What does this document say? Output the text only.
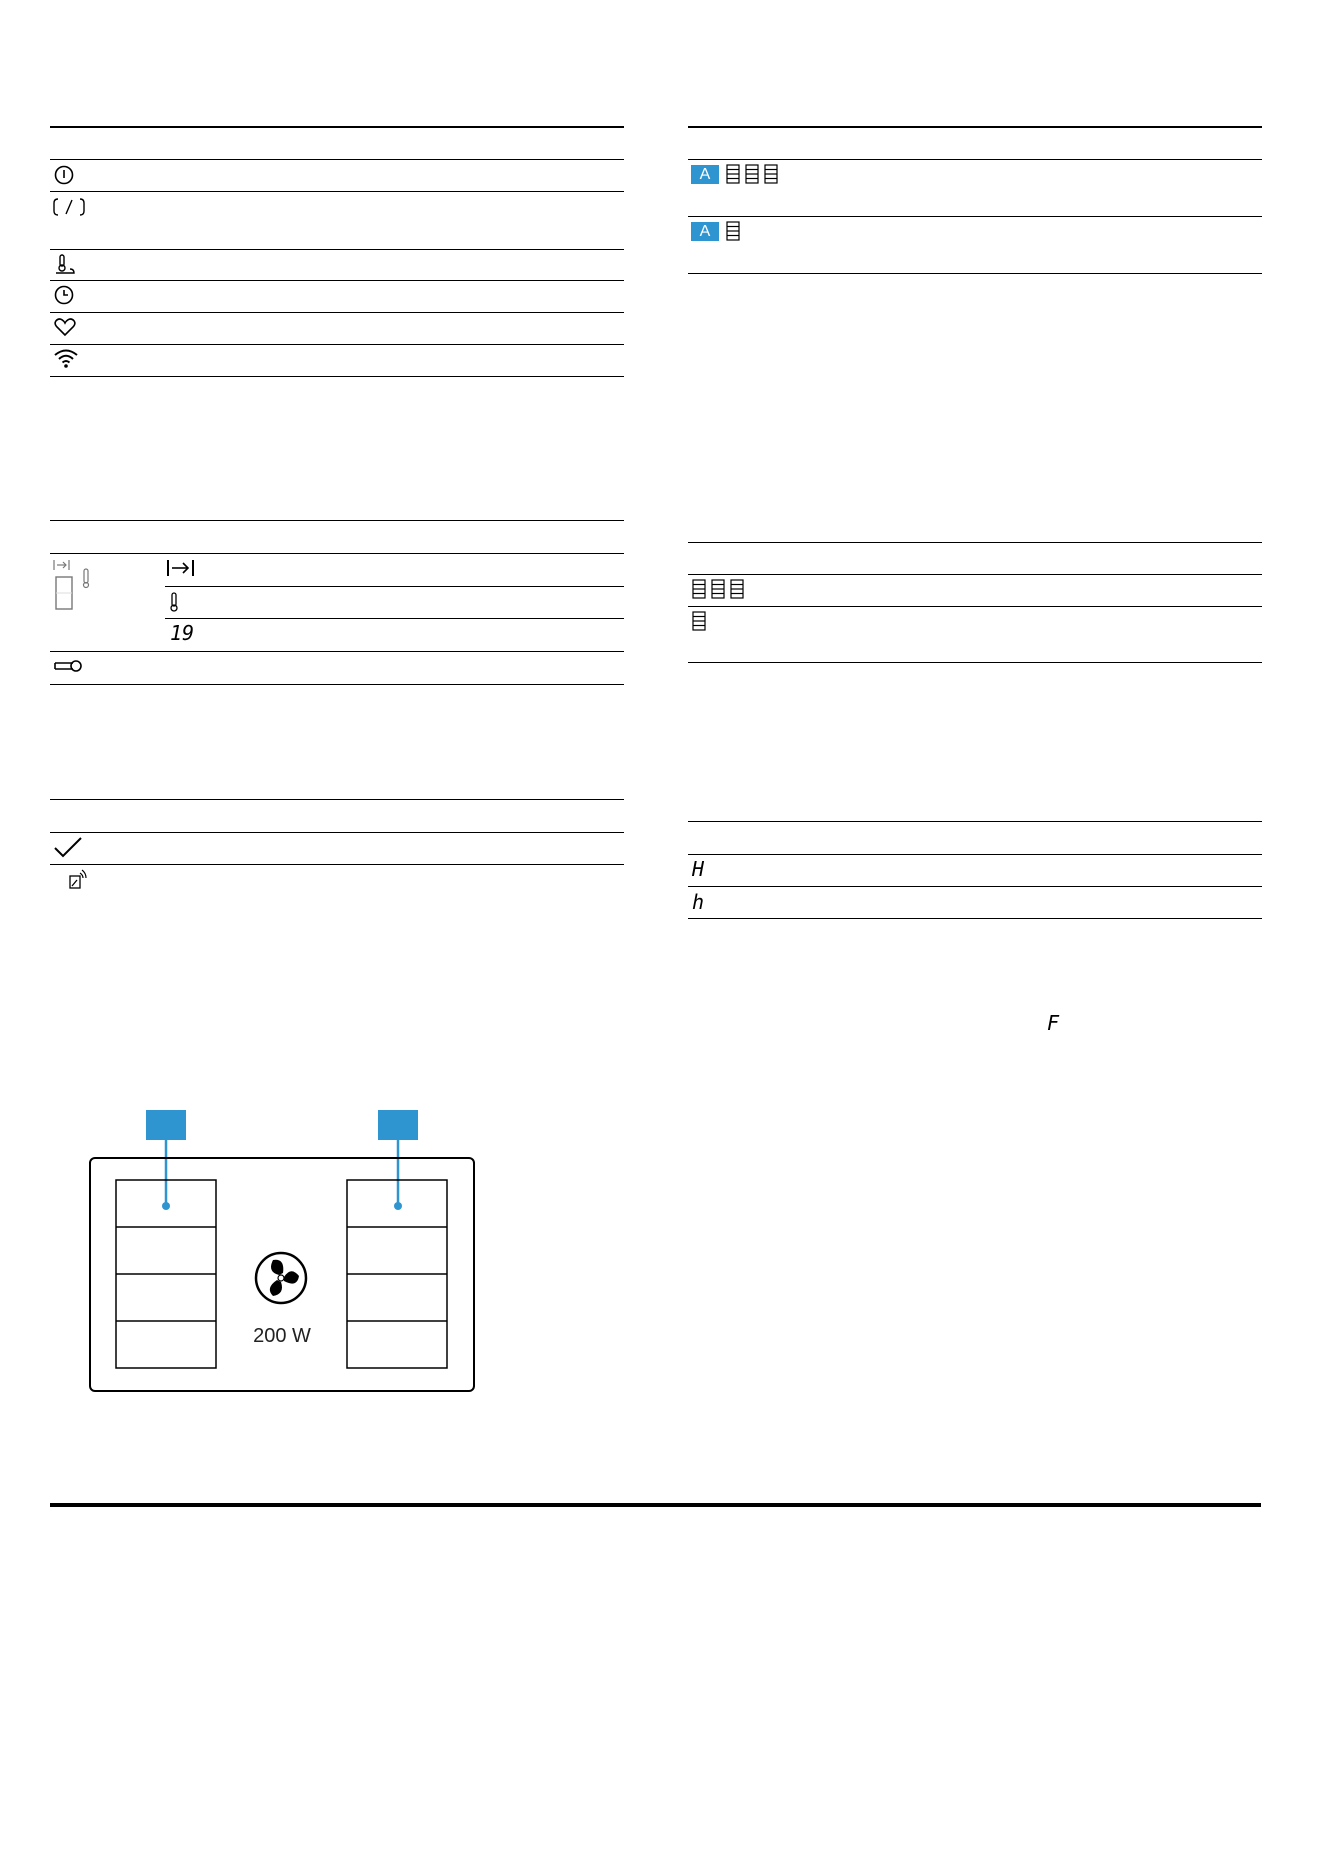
19
A
A
H
h
F
200 W
